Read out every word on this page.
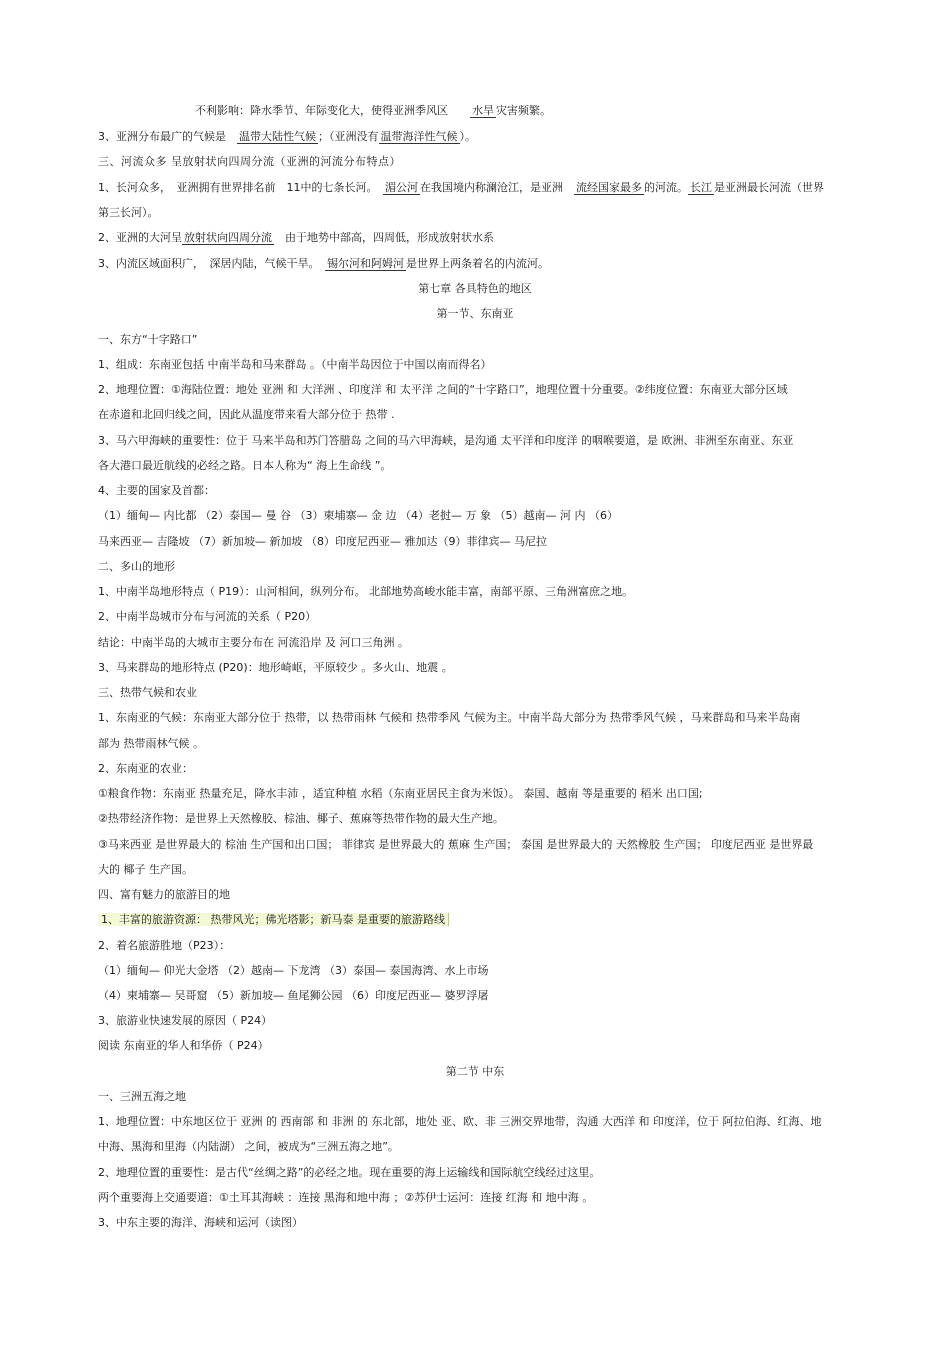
不利影响：降水季节、年际变化大，使得亚洲季风区　　水旱 灾害频繁。
3、亚洲分布最广的气候是　温带大陆性气候 ；（亚洲没有 温带海洋性气候 ）。
三、河流众多 呈放射状向四周分流（亚洲的河流分布特点）
1、长河众多，　亚洲拥有世界排名前　11中的七条长河。　湄公河 在我国境内称澜沧江，是亚洲　流经国家最多 的河流。 长江 是亚洲最长河流（世界
第三长河）。
2、亚洲的大河呈 放射状向四周分流　由于地势中部高，四周低，形成放射状水系
3、内流区域面积广，　深居内陆，气候干旱。　锡尔河和阿姆河 是世界上两条着名的内流河。
第七章 各具特色的地区
第一节、东南亚
一、东方“十字路口”
1、组成：东南亚包括 中南半岛和马来群岛 。（中南半岛因位于中国以南而得名）
2、地理位置：①海陆位置：地处 亚洲 和 大洋洲 、印度洋 和 太平洋 之间的“十字路口”，地理位置十分重要。②纬度位置：东南亚大部分区域
在赤道和北回归线之间，因此从温度带来看大部分位于 热带 .
3、马六甲海峡的重要性：位于 马来半岛和苏门答腊岛 之间的马六甲海峡，是沟通 太平洋和印度洋 的咽喉要道，是 欧洲、非洲至东南亚、东亚
各大港口最近航线的必经之路。日本人称为“ 海上生命线 ”。
4、主要的国家及首都：
（1）缅甸— 内比都 （2）泰国— 曼 谷 （3）柬埔寨— 金 边 （4）老挝— 万 象 （5）越南— 河 内 （6）
马来西亚— 吉隆坡 （7）新加坡— 新加坡 （8）印度尼西亚— 雅加达（9）菲律宾— 马尼拉
二、多山的地形
1、中南半岛地形特点（ P19）：山河相间，纵列分布。 北部地势高峻水能丰富，南部平原、三角洲富庶之地。
2、中南半岛城市分布与河流的关系（ P20）
结论：中南半岛的大城市主要分布在 河流沿岸 及 河口三角洲 。
3、马来群岛的地形特点 (P20)：地形崎岖，平原较少 。多火山、地震 。
三、热带气候和农业
1、东南亚的气候：东南亚大部分位于 热带，以 热带雨林 气候和 热带季风 气候为主。中南半岛大部分为 热带季风气候 ，马来群岛和马来半岛南
部为 热带雨林气候 。
2、东南亚的农业：
①粮食作物：东南亚 热量充足，降水丰沛 ，适宜种植 水稻（东南亚居民主食为米饭）。 泰国、越南 等是重要的 稻米 出口国;
②热带经济作物：是世界上天然橡胶、棕油、椰子、蕉麻等热带作物的最大生产地。
③马来西亚 是世界最大的 棕油 生产国和出口国； 菲律宾 是世界最大的 蕉麻 生产国； 泰国 是世界最大的 天然橡胶 生产国； 印度尼西亚 是世界最
大的 椰子 生产国。
四、富有魅力的旅游目的地
1、丰富的旅游资源： 热带风光；佛光塔影；新马泰 是重要的旅游路线
2、着名旅游胜地（P23）：
（1）缅甸— 仰光大金塔 （2）越南— 下龙湾 （3）泰国— 泰国海湾、水上市场
（4）柬埔寨— 吴哥窟 （5）新加坡— 鱼尾狮公园 （6）印度尼西亚— 婆罗浮屠
3、旅游业快速发展的原因（ P24）
阅读 东南亚的华人和华侨（ P24）
第二节 中东
一、三洲五海之地
1、地理位置：中东地区位于 亚洲 的 西南部 和 非洲 的 东北部，地处 亚、欧、非 三洲交界地带，沟通 大西洋 和 印度洋，位于 阿拉伯海、红海、地
中海、黑海和里海（内陆湖） 之间，被成为“三洲五海之地”。
2、地理位置的重要性：是古代“丝绸之路”的必经之地。现在重要的海上运输线和国际航空线经过这里。
两个重要海上交通要道：①土耳其海峡 ：连接 黑海和地中海 ；②苏伊士运河：连接 红海 和 地中海 。
3、中东主要的海洋、海峡和运河（读图）
